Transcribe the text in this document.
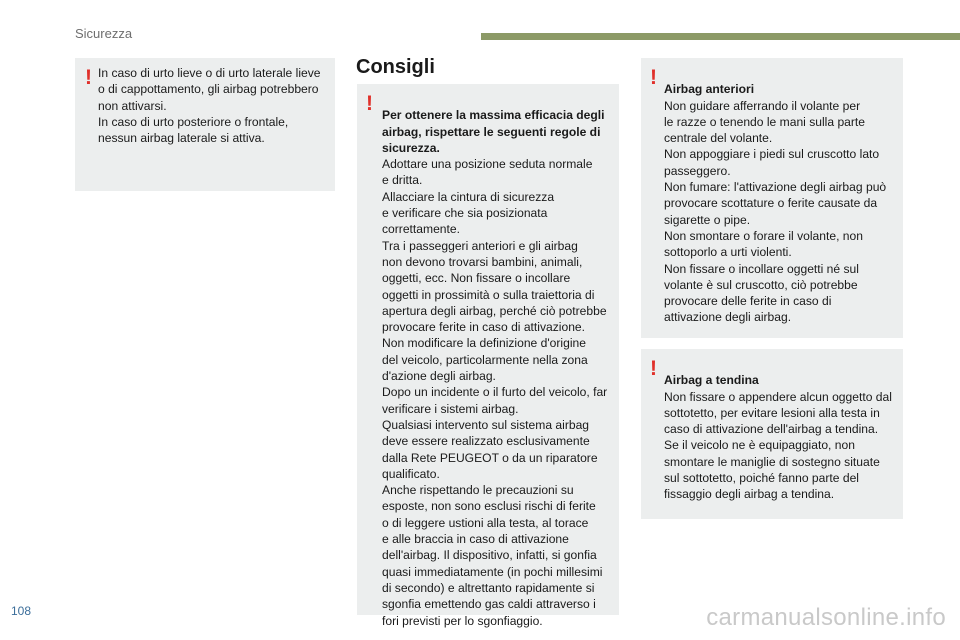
Sicurezza
! In caso di urto lieve o di urto laterale lieve
o di cappottamento, gli airbag potrebbero
non attivarsi.
In caso di urto posteriore o frontale,
nessun airbag laterale si attiva.
Consigli
!

Per ottenere la massima efficacia degli
airbag, rispettare le seguenti regole di
sicurezza.
Adottare una posizione seduta normale
e dritta.
Allacciare la cintura di sicurezza
e verificare che sia posizionata
correttamente.
Tra i passeggeri anteriori e gli airbag
non devono trovarsi bambini, animali,
oggetti, ecc. Non fissare o incollare
oggetti in prossimità o sulla traiettoria di
apertura degli airbag, perché ciò potrebbe
provocare ferite in caso di attivazione.
Non modificare la definizione d'origine
del veicolo, particolarmente nella zona
d'azione degli airbag.
Dopo un incidente o il furto del veicolo, far
verificare i sistemi airbag.
Qualsiasi intervento sul sistema airbag
deve essere realizzato esclusivamente
dalla Rete PEUGEOT o da un riparatore
qualificato.
Anche rispettando le precauzioni su
esposte, non sono esclusi rischi di ferite
o di leggere ustioni alla testa, al torace
e alle braccia in caso di attivazione
dell'airbag. Il dispositivo, infatti, si gonfia
quasi immediatamente (in pochi millesimi
di secondo) e altrettanto rapidamente si
sgonfia emettendo gas caldi attraverso i
fori previsti per lo sgonfiaggio.

!

Airbag anteriori
Non guidare afferrando il volante per
le razze o tenendo le mani sulla parte
centrale del volante.
Non appoggiare i piedi sul cruscotto lato
passeggero.
Non fumare: l'attivazione degli airbag può
provocare scottature o ferite causate da
sigarette o pipe.
Non smontare o forare il volante, non
sottoporlo a urti violenti.
Non fissare o incollare oggetti né sul
volante è sul cruscotto, ciò potrebbe
provocare delle ferite in caso di
attivazione degli airbag.

!

Airbag a tendina
Non fissare o appendere alcun oggetto dal
sottotetto, per evitare lesioni alla testa in
caso di attivazione dell'airbag a tendina.
Se il veicolo ne è equipaggiato, non
smontare le maniglie di sostegno situate
sul sottotetto, poiché fanno parte del
fissaggio degli airbag a tendina.

108	carmanualsonline.info
